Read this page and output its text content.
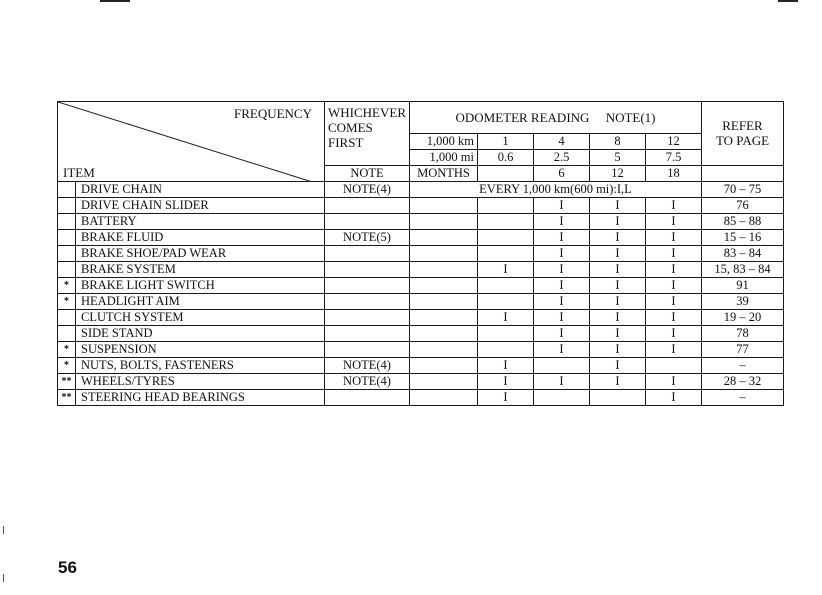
FREQUENCY
ITEM		WHICHEVER
COMES
FIRST	ODOMETER READING NOTE(1)					REFER
TO PAGE
			1,000 km	1	4	8	12	
			1,000 mi	0.6	2.5	5	7.5	
		NOTE	MONTHS		6	12	18	
	DRIVE CHAIN	NOTE(4)	EVERY 1,000 km(600 mi):I,L					70 – 75
	DRIVE CHAIN SLIDER				I	I	I	76
	BATTERY				I	I	I	85 – 88
	BRAKE FLUID	NOTE(5)			I	I	I	15 – 16
	BRAKE SHOE/PAD WEAR				I	I	I	83 – 84
	BRAKE SYSTEM			I	I	I	I	15, 83 – 84
*	BRAKE LIGHT SWITCH				I	I	I	91
*	HEADLIGHT AIM				I	I	I	39
	CLUTCH SYSTEM			I	I	I	I	19 – 20
	SIDE STAND				I	I	I	78
*	SUSPENSION				I	I	I	77
*	NUTS, BOLTS, FASTENERS	NOTE(4)		I		I		–
**	WHEELS/TYRES	NOTE(4)		I	I	I	I	28 – 32
**	STEERING HEAD BEARINGS			I			I	–
56
